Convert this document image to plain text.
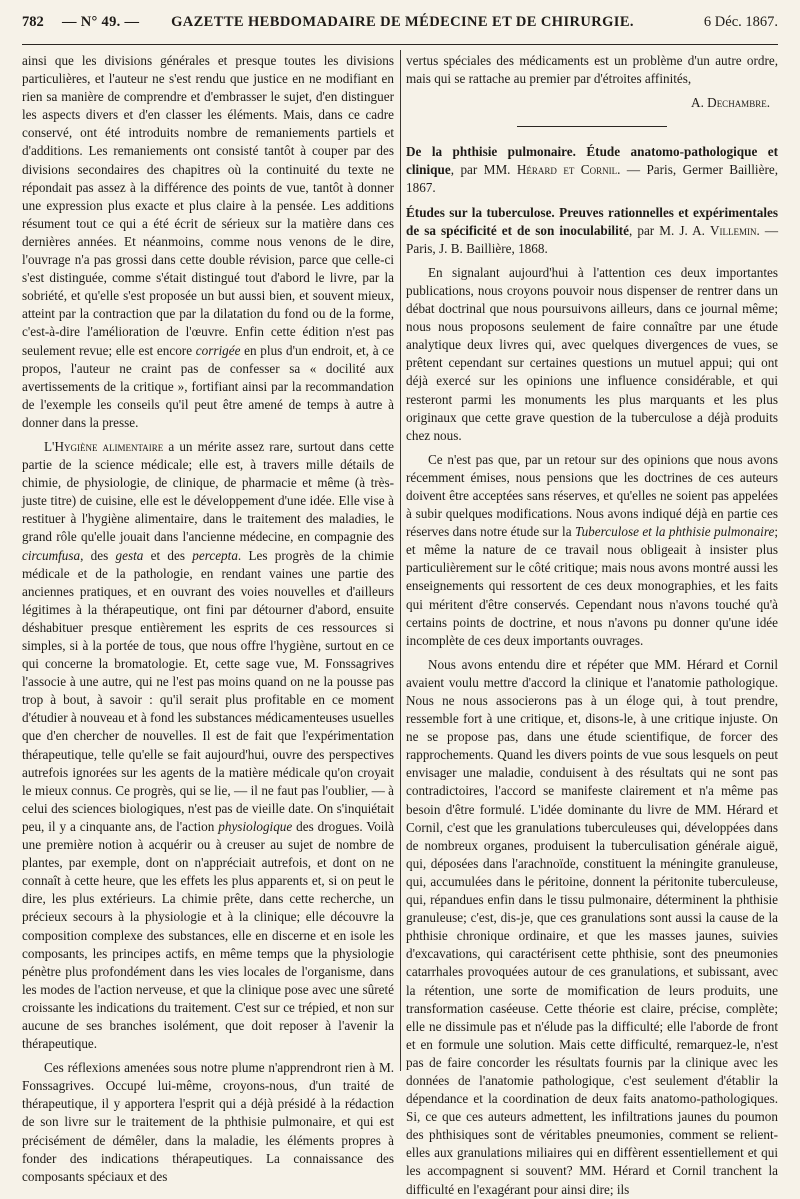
782	— N° 49. —	GAZETTE HEBDOMADAIRE DE MÉDECINE ET DE CHIRURGIE.	6 Déc. 1867.

ainsi que les divisions générales et presque toutes les divisions particulières, et l'auteur ne s'est rendu que justice en ne modifiant en rien sa manière de comprendre et d'embrasser le sujet, d'en distinguer les aspects divers et d'en classer les éléments. Mais, dans ce cadre conservé, ont été introduits nombre de remaniements partiels et d'additions. Les remaniements ont consisté tantôt à couper par des divisions secondaires des chapitres où la continuité du texte ne répondait pas assez à la différence des points de vue, tantôt à donner une expression plus exacte et plus claire à la pensée. Les additions résument tout ce qui a été écrit de sérieux sur la matière dans ces dernières années. Et néanmoins, comme nous venons de le dire, l'ouvrage n'a pas grossi dans cette double révision, parce que celle-ci s'est distinguée, comme s'était distingué tout d'abord le livre, par la sobriété, et qu'elle s'est proposée un but aussi bien, et souvent mieux, atteint par la contraction que par la dilatation du fond ou de la forme, c'est-à-dire l'amélioration de l'œuvre. Enfin cette édition n'est pas seulement revue; elle est encore corrigée en plus d'un endroit, et, à ce propos, l'auteur ne craint pas de confesser sa « docilité aux avertissements de la critique », fortifiant ainsi par la recommandation de l'exemple les conseils qu'il peut être amené de temps à autre à donner dans la presse.

L'Hygiène alimentaire a un mérite assez rare, surtout dans cette partie de la science médicale; elle est, à travers mille détails de chimie, de physiologie, de clinique, de pharmacie et même (à très-juste titre) de cuisine, elle est le développement d'une idée. Elle vise à restituer à l'hygiène alimentaire, dans le traitement des maladies, le grand rôle qu'elle jouait dans l'ancienne médecine, en compagnie des circumfusa, des gesta et des percepta. Les progrès de la chimie médicale et de la pathologie, en rendant vaines une partie des anciennes pratiques, et en ouvrant des voies nouvelles et d'ailleurs légitimes à la thérapeutique, ont fini par détourner d'abord, ensuite déshabituer presque entièrement les esprits de ces ressources si simples, si à la portée de tous, que nous offre l'hygiène, surtout en ce qui concerne la bromatologie. Et, cette sage vue, M. Fonssagrives l'associe à une autre, qui ne l'est pas moins quand on ne la pousse pas trop à bout, à savoir : qu'il serait plus profitable en ce moment d'étudier à nouveau et à fond les substances médicamenteuses usuelles que d'en chercher de nouvelles. Il est de fait que l'expérimentation thérapeutique, telle qu'elle se fait aujourd'hui, ouvre des perspectives autrefois ignorées sur les agents de la matière médicale qu'on croyait le mieux connus. Ce progrès, qui se lie, — il ne faut pas l'oublier, — à celui des sciences biologiques, n'est pas de vieille date. On s'inquiétait peu, il y a cinquante ans, de l'action physiologique des drogues. Voilà une première notion à acquérir ou à creuser au sujet de nombre de plantes, par exemple, dont on n'appréciait autrefois, et dont on ne connaît à cette heure, que les effets les plus apparents et, si on peut le dire, les plus extérieurs. La chimie prête, dans cette recherche, un précieux secours à la physiologie et à la clinique; elle découvre la composition complexe des substances, elle en discerne et en isole les composants, les principes actifs, en même temps que la physiologie pénètre plus profondément dans les vies locales de l'organisme, dans les modes de l'action nerveuse, et que la clinique pose avec une sûreté croissante les indications du traitement. C'est sur ce trépied, et non sur aucune de ses branches isolément, que doit reposer à l'avenir la thérapeutique.

Ces réflexions amenées sous notre plume n'apprendront rien à M. Fonssagrives. Occupé lui-même, croyons-nous, d'un traité de thérapeutique, il y apportera l'esprit qui a déjà présidé à la rédaction de son livre sur le traitement de la phthisie pulmonaire, et qui est précisément de démêler, dans la maladie, les éléments propres à fonder des indications thérapeutiques. La connaissance des composants spéciaux et des

vertus spéciales des médicaments est un problème d'un autre ordre, mais qui se rattache au premier par d'étroites affinités,

A. Dechambre.

De la phthisie pulmonaire. Étude anatomo-pathologique et clinique, par MM. Hérard et Cornil. — Paris, Germer Baillière, 1867.

Études sur la tuberculose. Preuves rationnelles et expérimentales de sa spécificité et de son inoculabilité, par M. J. A. Villemin. — Paris, J. B. Baillière, 1868.

En signalant aujourd'hui à l'attention ces deux importantes publications, nous croyons pouvoir nous dispenser de rentrer dans un débat doctrinal que nous poursuivons ailleurs, dans ce journal même; nous nous proposons seulement de faire connaître par une étude analytique deux livres qui, avec quelques divergences de vues, se prêtent cependant sur certaines questions un mutuel appui; qui ont déjà exercé sur les opinions une influence considérable, et qui resteront parmi les monuments les plus marquants et les plus originaux que cette grave question de la tuberculose a déjà produits chez nous.

Ce n'est pas que, par un retour sur des opinions que nous avons récemment émises, nous pensions que les doctrines de ces auteurs doivent être acceptées sans réserves, et qu'elles ne soient pas appelées à subir quelques modifications. Nous avons indiqué déjà en partie ces réserves dans notre étude sur la Tuberculose et la phthisie pulmonaire; et même la nature de ce travail nous obligeait à insister plus particulièrement sur le côté critique; mais nous avons montré aussi les enseignements qui ressortent de ces deux monographies, et les faits qui méritent d'être conservés. Cependant nous n'avons touché qu'à certains points de doctrine, et nous n'avons pu donner qu'une idée incomplète de ces deux importants ouvrages.

Nous avons entendu dire et répéter que MM. Hérard et Cornil avaient voulu mettre d'accord la clinique et l'anatomie pathologique. Nous ne nous associerons pas à un éloge qui, à tout prendre, ressemble fort à une critique, et, disons-le, à une critique injuste. On ne se propose pas, dans une étude scientifique, de forcer des rapprochements. Quand les divers points de vue sous lesquels on peut envisager une maladie, conduisent à des résultats qui ne sont pas contradictoires, l'accord se manifeste clairement et n'a même pas besoin d'être formulé. L'idée dominante du livre de MM. Hérard et Cornil, c'est que les granulations tuberculeuses qui, développées dans de nombreux organes, produisent la tuberculisation générale aiguë, qui, déposées dans l'arachnoïde, constituent la méningite granuleuse, qui, accumulées dans le péritoine, donnent la péritonite tuberculeuse, qui, répandues enfin dans le tissu pulmonaire, déterminent la phthisie granuleuse; c'est, dis-je, que ces granulations sont aussi la cause de la phthisie chronique ordinaire, et que les masses jaunes, suivies d'excavations, qui caractérisent cette phthisie, sont des pneumonies catarrhales provoquées autour de ces granulations, et subissant, avec la rétention, une sorte de momification de leurs produits, une transformation caséeuse. Cette théorie est claire, précise, complète; elle ne dissimule pas et n'élude pas la difficulté; elle l'aborde de front et en formule une solution. Mais cette difficulté, remarquez-le, n'est pas de faire concorder les résultats fournis par la clinique avec les données de l'anatomie pathologique, c'est seulement d'établir la dépendance et la coordination de deux faits anatomo-pathologiques. Si, ce que ces auteurs admettent, les infiltrations jaunes du poumon des phthisiques sont de véritables pneumonies, comment se relient-elles aux granulations miliaires qui en diffèrent essentiellement et qui les accompagnent si souvent? MM. Hérard et Cornil tranchent la difficulté en l'exagérant pour ainsi dire; ils
